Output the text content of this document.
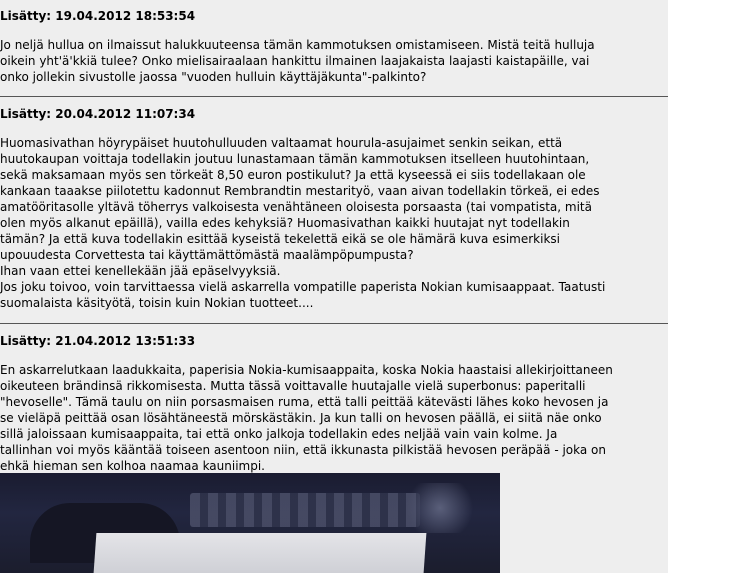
Lisätty: 19.04.2012 18:53:54
Jo neljä hullua on ilmaissut halukkuuteensa tämän kammotuksen omistamiseen. Mistä teitä hulluja
oikein yht'ä'kkiä tulee? Onko mielisairaalaan hankittu ilmainen laajakaista laajasti kaistapäille, vai
onko jollekin sivustolle jaossa "vuoden hulluin käyttäjäkunta"-palkinto?
Lisätty: 20.04.2012 11:07:34
Huomasivathan höyrypäiset huutohulluuden valtaamat hourula-asujaimet senkin seikan, että
huutokaupan voittaja todellakin joutuu lunastamaan tämän kammotuksen itselleen huutohintaan,
sekä maksamaan myös sen törkeät 8,50 euron postikulut? Ja että kyseessä ei siis todellakaan ole
kankaan taaakse piilotettu kadonnut Rembrandtin mestarityö, vaan aivan todellakin törkeä, ei edes
amatööritasolle yltävä töherrys valkoisesta venähtäneen oloisesta porsaasta (tai vompatista, mitä
olen myös alkanut epäillä), vailla edes kehyksiä? Huomasivathan kaikki huutajat nyt todellakin
tämän? Ja että kuva todellakin esittää kyseistä tekelettä eikä se ole hämärä kuva esimerkiksi
upouudesta Corvettesta tai käyttämättömästä maalämpöpumpusta?
Ihan vaan ettei kenellekään jää epäselvyyksiä.
Jos joku toivoo, voin tarvittaessa vielä askarrella vompatille paperista Nokian kumisaappaat. Taatusti
suomalaista käsityötä, toisin kuin Nokian tuotteet....
Lisätty: 21.04.2012 13:51:33
En askarrelutkaan laadukkaita, paperisia Nokia-kumisaappaita, koska Nokia haastaisi allekirjoittaneen
oikeuteen brändinsä rikkomisesta. Mutta tässä voittavalle huutajalle vielä superbonus: paperitalli
"hevoselle". Tämä taulu on niin porsasmaisen ruma, että talli peittää kätevästi lähes koko hevosen ja
se vieläpä peittää osan lösähtäneestä mörskästäkin. Ja kun talli on hevosen päällä, ei siitä näe onko
sillä jaloissaan kumisaappaita, tai että onko jalkoja todellakin edes neljää vain vain kolme. Ja
tallinhan voi myös kääntää toiseen asentoon niin, että ikkunasta pilkistää hevosen peräpää - joka on
ehkä hieman sen kolhoa naamaa kauniimpi.
